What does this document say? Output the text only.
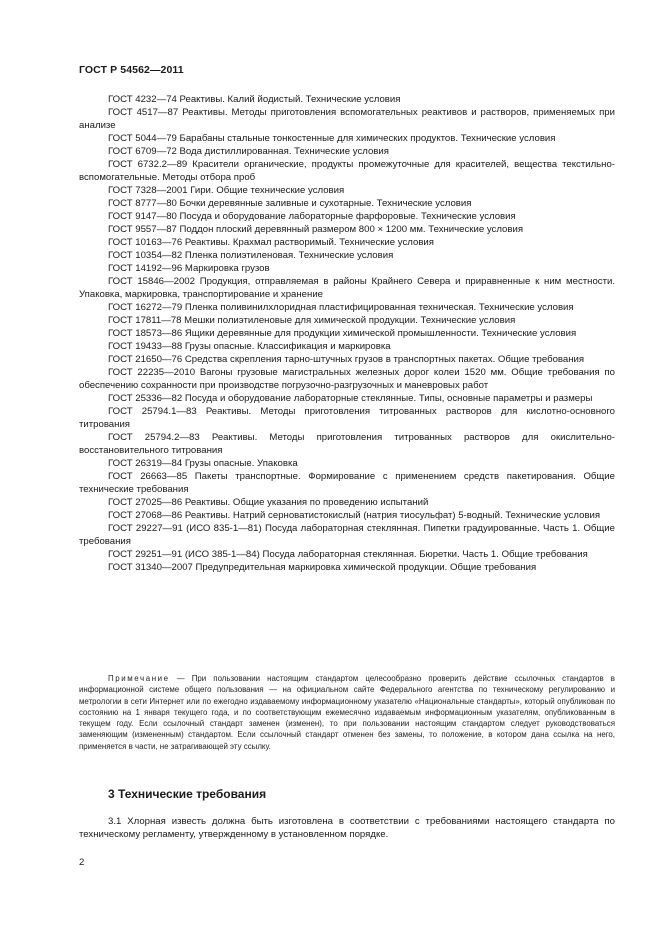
ГОСТ Р 54562—2011

ГОСТ 4232—74 Реактивы. Калий йодистый. Технические условия

ГОСТ 4517—87 Реактивы. Методы приготовления вспомогательных реактивов и растворов, применяемых при анализе

ГОСТ 5044—79 Барабаны стальные тонкостенные для химических продуктов. Технические условия

ГОСТ 6709—72 Вода дистиллированная. Технические условия

ГОСТ 6732.2—89 Красители органические, продукты промежуточные для красителей, вещества текстильно-вспомогательные. Методы отбора проб

ГОСТ 7328—2001 Гири. Общие технические условия

ГОСТ 8777—80 Бочки деревянные заливные и сухотарные. Технические условия

ГОСТ 9147—80 Посуда и оборудование лабораторные фарфоровые. Технические условия

ГОСТ 9557—87 Поддон плоский деревянный размером 800 × 1200 мм. Технические условия

ГОСТ 10163—76 Реактивы. Крахмал растворимый. Технические условия

ГОСТ 10354—82 Пленка полиэтиленовая. Технические условия

ГОСТ 14192—96 Маркировка грузов

ГОСТ 15846—2002 Продукция, отправляемая в районы Крайнего Севера и приравненные к ним местности. Упаковка, маркировка, транспортирование и хранение

ГОСТ 16272—79 Пленка поливинилхлоридная пластифицированная техническая. Технические условия

ГОСТ 17811—78 Мешки полиэтиленовые для химической продукции. Технические условия

ГОСТ 18573—86 Ящики деревянные для продукции химической промышленности. Технические условия

ГОСТ 19433—88 Грузы опасные. Классификация и маркировка

ГОСТ 21650—76 Средства скрепления тарно-штучных грузов в транспортных пакетах. Общие требования

ГОСТ 22235—2010 Вагоны грузовые магистральных железных дорог колеи 1520 мм. Общие требования по обеспечению сохранности при производстве погрузочно-разгрузочных и маневровых работ

ГОСТ 25336—82 Посуда и оборудование лабораторные стеклянные. Типы, основные параметры и размеры

ГОСТ 25794.1—83 Реактивы. Методы приготовления титрованных растворов для кислотно-основного титрования

ГОСТ 25794.2—83 Реактивы. Методы приготовления титрованных растворов для окислительно-восстановительного титрования

ГОСТ 26319—84 Грузы опасные. Упаковка

ГОСТ 26663—85 Пакеты транспортные. Формирование с применением средств пакетирования. Общие технические требования

ГОСТ 27025—86 Реактивы. Общие указания по проведению испытаний

ГОСТ 27068—86 Реактивы. Натрий серноватистокислый (натрия тиосульфат) 5-водный. Технические условия

ГОСТ 29227—91 (ИСО 835-1—81) Посуда лабораторная стеклянная. Пипетки градуированные. Часть 1. Общие требования

ГОСТ 29251—91 (ИСО 385-1—84) Посуда лабораторная стеклянная. Бюретки. Часть 1. Общие требования

ГОСТ 31340—2007 Предупредительная маркировка химической продукции. Общие требования

Примечание — При пользовании настоящим стандартом целесообразно проверить действие ссылочных стандартов в информационной системе общего пользования — на официальном сайте Федерального агентства по техническому регулированию и метрологии в сети Интернет или по ежегодно издаваемому информационному указателю «Национальные стандарты», который опубликован по состоянию на 1 января текущего года, и по соответствующим ежемесячно издаваемым информационным указателям, опубликованным в текущем году. Если ссылочный стандарт заменен (изменен), то при пользовании настоящим стандартом следует руководствоваться заменяющим (измененным) стандартом. Если ссылочный стандарт отменен без замены, то положение, в котором дана ссылка на него, применяется в части, не затрагивающей эту ссылку.
3 Технические требования
3.1 Хлорная известь должна быть изготовлена в соответствии с требованиями настоящего стандарта по техническому регламенту, утвержденному в установленном порядке.
2
